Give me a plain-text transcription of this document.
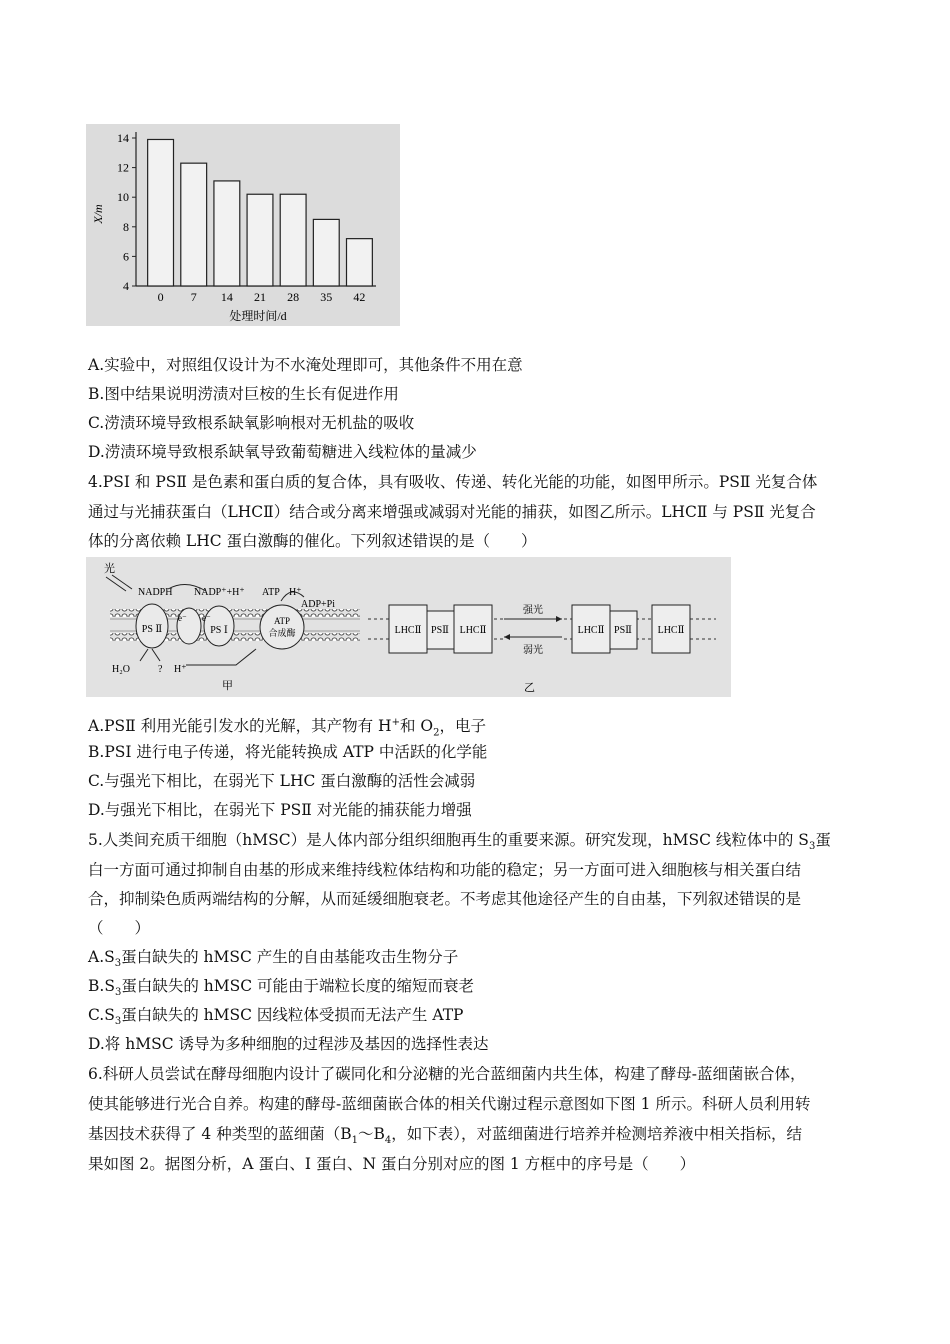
4
6
8
10
12
14
0 7 14 21 28 35 42
X/m
处理时间/d
A.实验中，对照组仅设计为不水淹处理即可，其他条件不用在意
B.图中结果说明涝渍对巨桉的生长有促进作用
C.涝渍环境导致根系缺氧影响根对无机盐的吸收
D.涝渍环境导致根系缺氧导致葡萄糖进入线粒体的量减少
4.PSI 和 PSⅡ 是色素和蛋白质的复合体，具有吸收、传递、转化光能的功能，如图甲所示。PSⅡ 光复合体
通过与光捕获蛋白（LHCⅡ）结合或分离来增强或减弱对光能的捕获，如图乙所示。LHCⅡ 与 PSⅡ 光复合
体的分离依赖 LHC 蛋白激酶的催化。下列叙述错误的是（　　）
PS Ⅱ	PS Ⅰ
e⁻ e⁻	ATP
合成酶
光
NADPH NADP⁺+H⁺ ATP H⁺
ADP+Pi
H₂O	? H⁺
甲
LHCⅡ PSⅡ LHCⅡ
强光
弱光
LHCⅡ PSⅡ	LHCⅡ
乙
A.PSⅡ 利用光能引发水的光解，其产物有 H+和 $O_2$，电子
B.PSI 进行电子传递，将光能转换成 ATP 中活跃的化学能
C.与强光下相比，在弱光下 LHC 蛋白激酶的活性会减弱
D.与强光下相比，在弱光下 PSⅡ 对光能的捕获能力增强
5.人类间充质干细胞（hMSC）是人体内部分组织细胞再生的重要来源。研究发现，hMSC 线粒体中的 $S_3$蛋
白一方面可通过抑制自由基的形成来维持线粒体结构和功能的稳定；另一方面可进入细胞核与相关蛋白结
合，抑制染色质两端结构的分解，从而延缓细胞衰老。不考虑其他途径产生的自由基，下列叙述错误的是
（　　）
$A.S_3$蛋白缺失的 hMSC 产生的自由基能攻击生物分子
$B.S_3$蛋白缺失的 hMSC 可能由于端粒长度的缩短而衰老
$C.S_3$蛋白缺失的 hMSC 因线粒体受损而无法产生 ATP
D.将 hMSC 诱导为多种细胞的过程涉及基因的选择性表达
6.科研人员尝试在酵母细胞内设计了碳同化和分泌糖的光合蓝细菌内共生体，构建了酵母-蓝细菌嵌合体，
使其能够进行光合自养。构建的酵母-蓝细菌嵌合体的相关代谢过程示意图如下图 1 所示。科研人员利用转
基因技术获得了 4 种类型的蓝细菌（$B_1\sim B_4$，如下表），对蓝细菌进行培养并检测培养液中相关指标，结
果如图 2。据图分析，A 蛋白、I 蛋白、N 蛋白分别对应的图 1 方框中的序号是（　　）
